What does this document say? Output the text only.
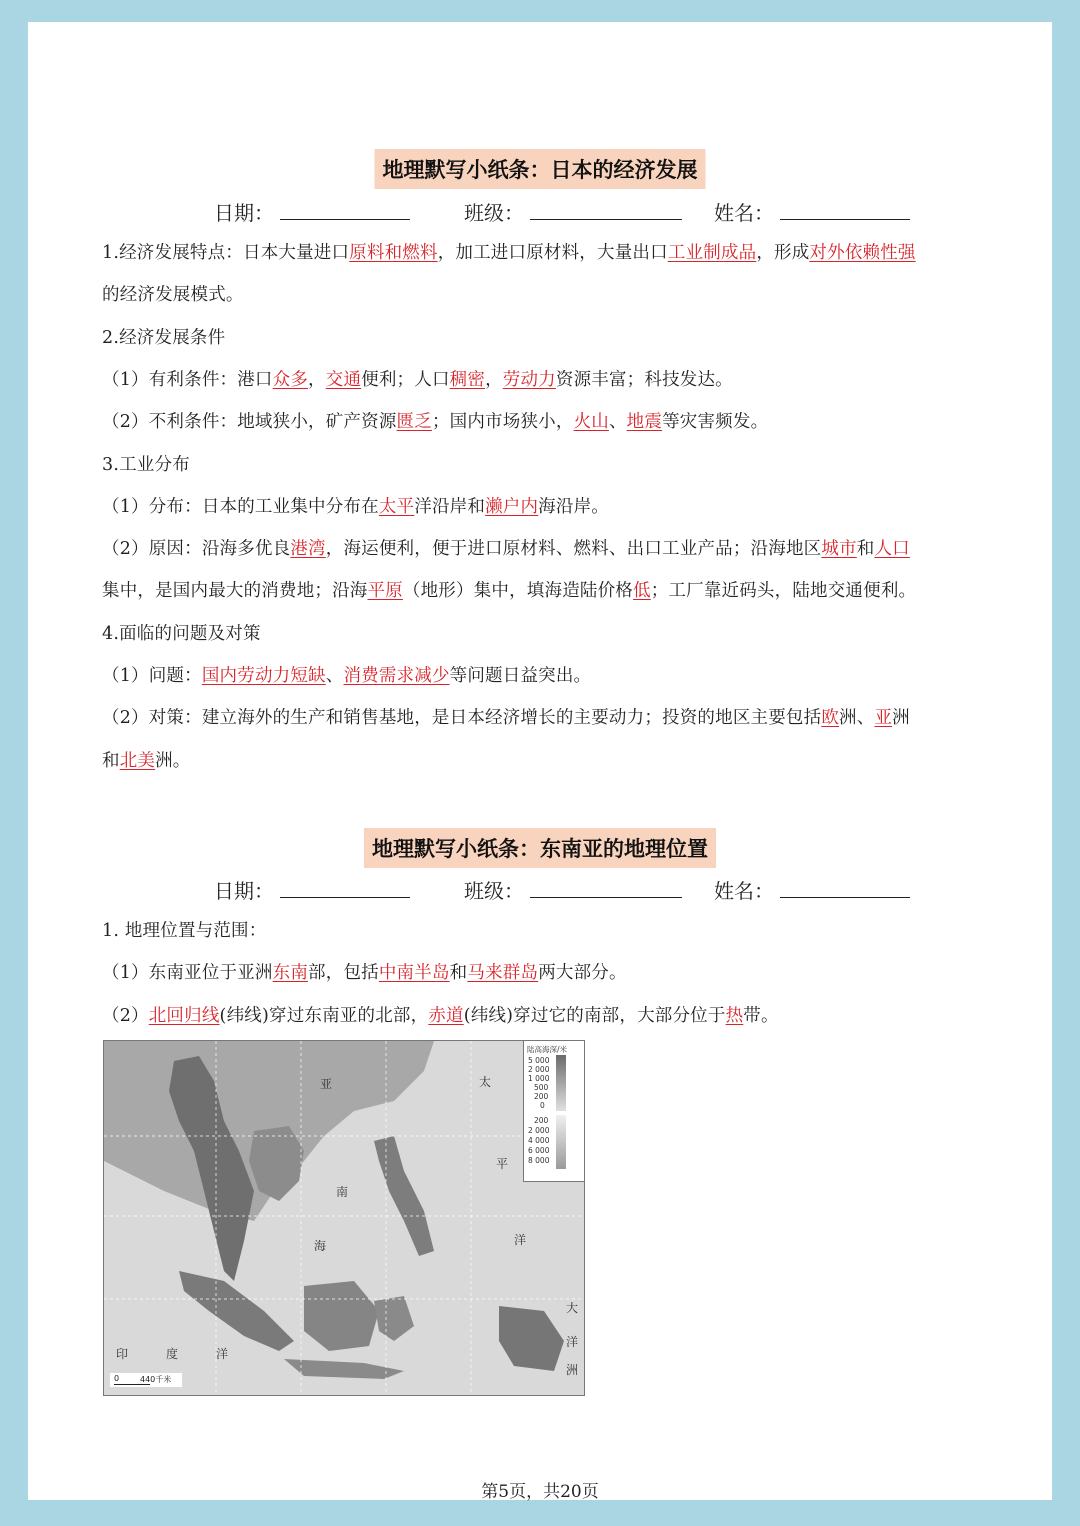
地理默写小纸条：日本的经济发展
日期：	班级：	姓名：
1.经济发展特点：日本大量进口原料和燃料，加工进口原材料，大量出口工业制成品，形成对外依赖性强
的经济发展模式。
2.经济发展条件
（1）有利条件：港口众多，交通便利；人口稠密，劳动力资源丰富；科技发达。
（2）不利条件：地域狭小，矿产资源匮乏；国内市场狭小，火山、地震等灾害频发。
3.工业分布
（1）分布：日本的工业集中分布在太平洋沿岸和濑户内海沿岸。
（2）原因：沿海多优良港湾，海运便利，便于进口原材料、燃料、出口工业产品；沿海地区城市和人口
集中，是国内最大的消费地；沿海平原（地形）集中，填海造陆价格低；工厂靠近码头，陆地交通便利。
4.面临的问题及对策
（1）问题：国内劳动力短缺、消费需求减少等问题日益突出。
（2）对策：建立海外的生产和销售基地，是日本经济增长的主要动力；投资的地区主要包括欧洲、亚洲
和北美洲。
地理默写小纸条：东南亚的地理位置
日期：	班级：	姓名：
1. 地理位置与范围：
（1）东南亚位于亚洲东南部，包括中南半岛和马来群岛两大部分。
（2）北回归线(纬线)穿过东南亚的北部，赤道(纬线)穿过它的南部，大部分位于热带。
亚	太
平
洋
南
海
印	度	洋
大
洋
洲
陆高海深/米
5 000
2 000
1 000
500
200
0
200
2 000
4 000
6 000
8 000
0	440千米
第5页，共20页
